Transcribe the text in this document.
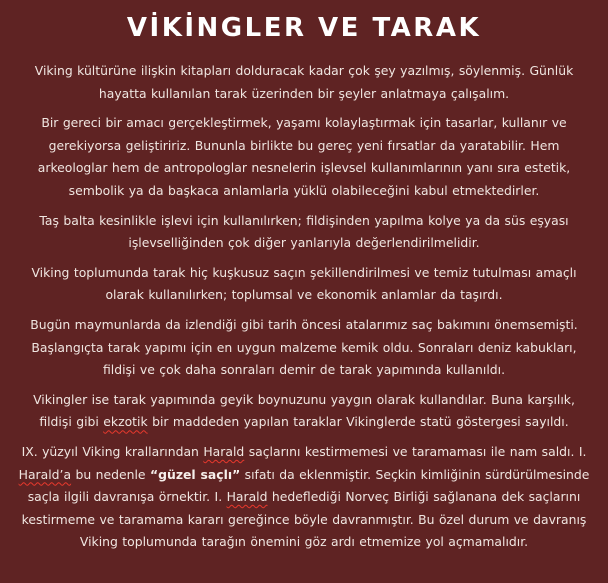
VİKİNGLER VE TARAK

Viking kültürüne ilişkin kitapları dolduracak kadar çok şey yazılmış, söylenmiş. Günlük hayatta kullanılan tarak üzerinden bir şeyler anlatmaya çalışalım.

Bir gereci bir amacı gerçekleştirmek, yaşamı kolaylaştırmak için tasarlar, kullanır ve gerekiyorsa geliştiririz. Bununla birlikte bu gereç yeni fırsatlar da yaratabilir. Hem arkeologlar hem de antropologlar nesnelerin işlevsel kullanımlarının yanı sıra estetik, sembolik ya da başkaca anlamlarla yüklü olabileceğini kabul etmektedirler.

Taş balta kesinlikle işlevi için kullanılırken; fildişinden yapılma kolye ya da süs eşyası işlevselliğinden çok diğer yanlarıyla değerlendirilmelidir.

Viking toplumunda tarak hiç kuşkusuz saçın şekillendirilmesi ve temiz tutulması amaçlı olarak kullanılırken; toplumsal ve ekonomik anlamlar da taşırdı.

Bugün maymunlarda da izlendiği gibi tarih öncesi atalarımız saç bakımını önemsemişti. Başlangıçta tarak yapımı için en uygun malzeme kemik oldu. Sonraları deniz kabukları, fildişi ve çok daha sonraları demir de tarak yapımında kullanıldı.

Vikingler ise tarak yapımında geyik boynuzunu yaygın olarak kullandılar. Buna karşılık, fildişi gibi ekzotik bir maddeden yapılan taraklar Vikinglerde statü göstergesi sayıldı.

IX. yüzyıl Viking krallarından Harald saçlarını kestirmemesi ve taramaması ile nam saldı. I. Harald’a bu nedenle “güzel saçlı” sıfatı da eklenmiştir. Seçkin kimliğinin sürdürülmesinde saçla ilgili davranışa örnektir. I. Harald hedeflediği Norveç Birliği sağlanana dek saçlarını kestirmeme ve taramama kararı gereğince böyle davranmıştır. Bu özel durum ve davranış Viking toplumunda tarağın önemini göz ardı etmemize yol açmamalıdır.
